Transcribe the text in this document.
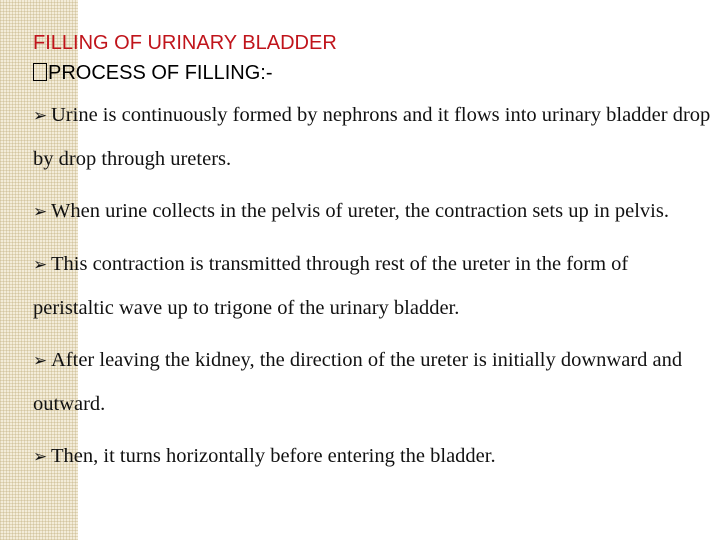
FILLING OF URINARY BLADDER
PROCESS OF FILLING:-
➢ Urine is continuously formed by nephrons and it flows into urinary bladder drop by drop through ureters.
➢ When urine collects in the pelvis of ureter, the contraction sets up in pelvis.
➢ This contraction is transmitted through rest of the ureter in the form of peristaltic wave up to trigone of the urinary bladder.
➢ After leaving the kidney, the direction of the ureter is initially downward and outward.
➢ Then, it turns horizontally before entering the bladder.
